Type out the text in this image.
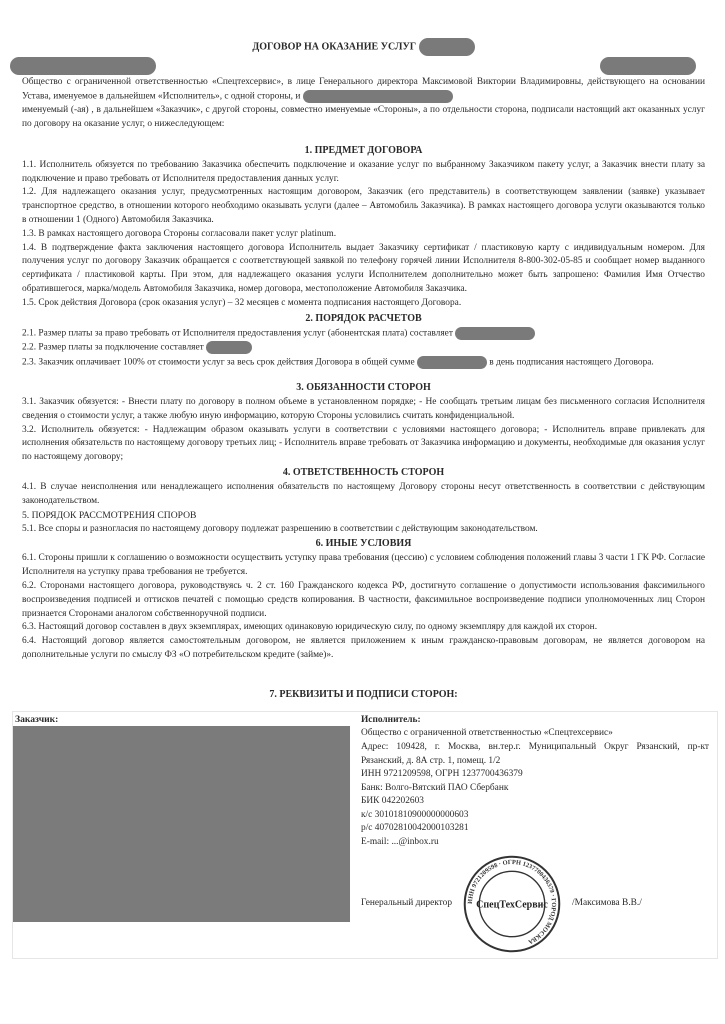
ДОГОВОР НА ОКАЗАНИЕ УСЛУГ

Общество с ограниченной ответственностью «Спецтехсервис», в лице Генерального директора Максимовой Виктории Владимировны, действующего на основании Устава, именуемое в дальнейшем «Исполнитель», с одной стороны, и
именуемый (-ая) , в дальнейшем «Заказчик», с другой стороны, совместно именуемые «Стороны», а по отдельности сторона, подписали настоящий акт оказанных услуг по договору на оказание услуг, о нижеследующем:

1. ПРЕДМЕТ ДОГОВОРА

1.1. Исполнитель обязуется по требованию Заказчика обеспечить подключение и оказание услуг по выбранному Заказчиком пакету услуг, а Заказчик внести плату за подключение и право требовать от Исполнителя предоставления данных услуг.

1.2. Для надлежащего оказания услуг, предусмотренных настоящим договором, Заказчик (его представитель) в соответствующем заявлении (заявке) указывает транспортное средство, в отношении которого необходимо оказывать услуги (далее – Автомобиль Заказчика). В рамках настоящего договора услуги оказываются только в отношении 1 (Одного) Автомобиля Заказчика.

1.3. В рамках настоящего договора Стороны согласовали пакет услуг platinum.

1.4. В подтверждение факта заключения настоящего договора Исполнитель выдает Заказчику сертификат / пластиковую карту с индивидуальным номером. Для получения услуг по договору Заказчик обращается с соответствующей заявкой по телефону горячей линии Исполнителя 8-800-302-05-85 и сообщает номер выданного сертификата / пластиковой карты. При этом, для надлежащего оказания услуги Исполнителем дополнительно может быть запрошено: Фамилия Имя Отчество обратившегося, марка/модель Автомобиля Заказчика, номер договора, местоположение Автомобиля Заказчика.

1.5. Срок действия Договора (срок оказания услуг) – 32 месяцев с момента подписания настоящего Договора.

2. ПОРЯДОК РАСЧЕТОВ

2.1. Размер платы за право требовать от Исполнителя предоставления услуг (абонентская плата) составляет

2.2. Размер платы за подключение составляет

2.3. Заказчик оплачивает 100% от стоимости услуг за весь срок действия Договора в общей сумме	в день подписания настоящего Договора.

3. ОБЯЗАННОСТИ СТОРОН

3.1. Заказчик обязуется: - Внести плату по договору в полном объеме в установленном порядке; - Не сообщать третьим лицам без письменного согласия Исполнителя сведения о стоимости услуг, а также любую иную информацию, которую Стороны условились считать конфиденциальной.

3.2. Исполнитель обязуется: - Надлежащим образом оказывать услуги в соответствии с условиями настоящего договора; - Исполнитель вправе привлекать для исполнения обязательств по настоящему договору третьих лиц; - Исполнитель вправе требовать от Заказчика информацию и документы, необходимые для оказания услуг по настоящему договору;

4. ОТВЕТСТВЕННОСТЬ СТОРОН

4.1. В случае неисполнения или ненадлежащего исполнения обязательств по настоящему Договору стороны несут ответственность в соответствии с действующим законодательством.

5. ПОРЯДОК РАССМОТРЕНИЯ СПОРОВ

5.1. Все споры и разногласия по настоящему договору подлежат разрешению в соответствии с действующим законодательством.

6. ИНЫЕ УСЛОВИЯ

6.1. Стороны пришли к соглашению о возможности осуществить уступку права требования (цессию) с условием соблюдения положений главы 3 части 1 ГК РФ. Согласие Исполнителя на уступку права требования не требуется.

6.2. Сторонами настоящего договора, руководствуясь ч. 2 ст. 160 Гражданского кодекса РФ, достигнуто соглашение о допустимости использования факсимильного воспроизведения подписей и оттисков печатей с помощью средств копирования. В частности, факсимильное воспроизведение подписи уполномоченных лиц Сторон признается Сторонами аналогом собственноручной подписи.

6.3. Настоящий договор составлен в двух экземплярах, имеющих одинаковую юридическую силу, по одному экземпляру для каждой их сторон.

6.4. Настоящий договор является самостоятельным договором, не является приложением к иным гражданско-правовым договорам, не является договором на дополнительные услуги по смыслу ФЗ «О потребительском кредите (займе)».

7. РЕКВИЗИТЫ И ПОДПИСИ СТОРОН:
Заказчик:	Исполнитель:

Общество с ограниченной ответственностью «Спецтехсервис»

Адрес: 109428, г. Москва, вн.тер.г. Муниципальный Округ Рязанский, пр-кт Рязанский, д. 8А стр. 1, помещ. 1/2

ИНН 9721209598, ОГРН 1237700436379

Банк: Волго-Вятский ПАО Сбербанк

БИК 042202603

к/с 30101810900000000603

р/с 40702810042000103281

E-mail: ...@inbox.ru

Генеральный директор ИНН 9721209598 · ОГРН 1237700436379 · ГОРОД МОСКВА
СпецТехСервис	/Максимова В.В./
